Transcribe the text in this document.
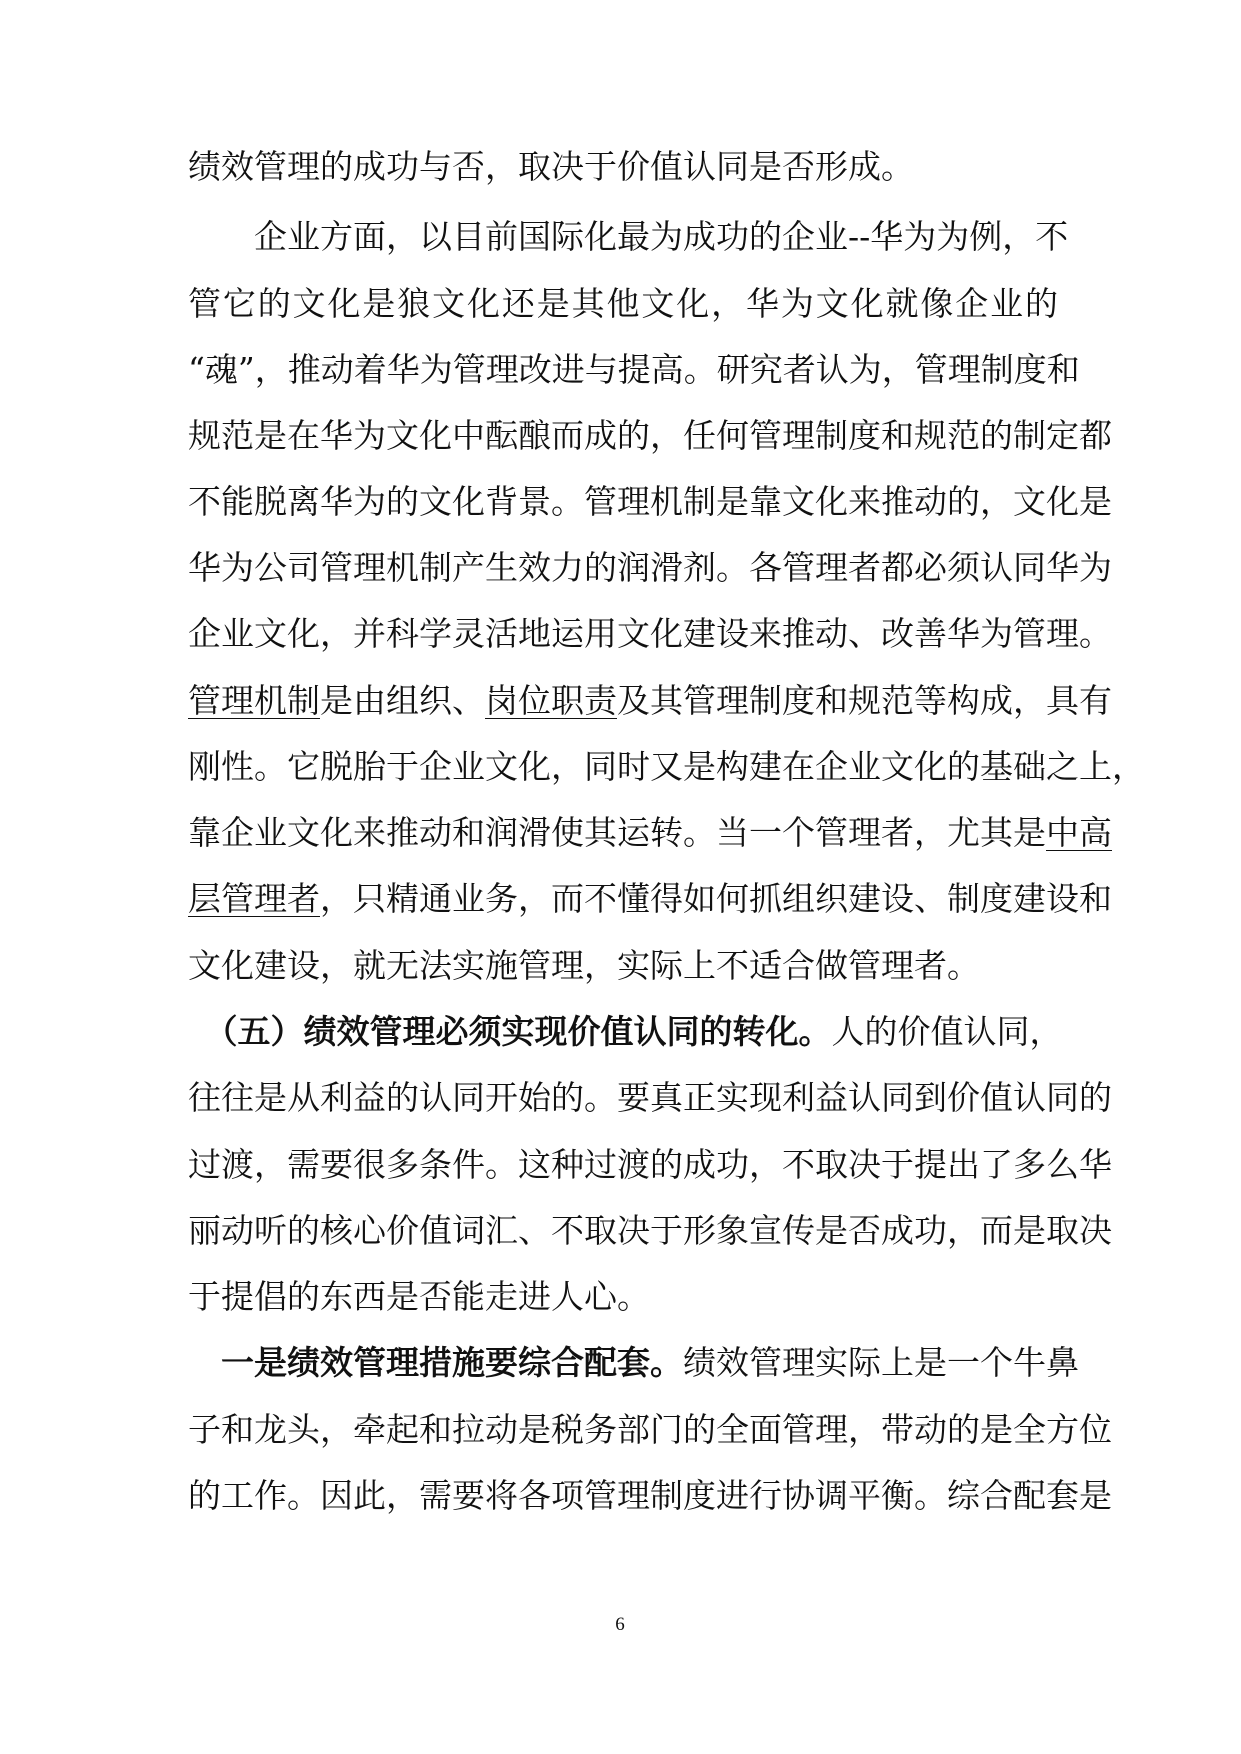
绩效管理的成功与否，取决于价值认同是否形成。
　　企业方面，以目前国际化最为成功的企业--华为为例，不
管它的文化是狼文化还是其他文化，华为文化就像企业的
“魂”，推动着华为管理改进与提高。研究者认为，管理制度和
规范是在华为文化中酝酿而成的，任何管理制度和规范的制定都
不能脱离华为的文化背景。管理机制是靠文化来推动的，文化是
华为公司管理机制产生效力的润滑剂。各管理者都必须认同华为
企业文化，并科学灵活地运用文化建设来推动、改善华为管理。
管理机制是由组织、岗位职责及其管理制度和规范等构成，具有
刚性。它脱胎于企业文化，同时又是构建在企业文化的基础之上，
靠企业文化来推动和润滑使其运转。当一个管理者，尤其是中高
层管理者，只精通业务，而不懂得如何抓组织建设、制度建设和
文化建设，就无法实施管理，实际上不适合做管理者。
　（五）绩效管理必须实现价值认同的转化。人的价值认同，
往往是从利益的认同开始的。要真正实现利益认同到价值认同的
过渡，需要很多条件。这种过渡的成功，不取决于提出了多么华
丽动听的核心价值词汇、不取决于形象宣传是否成功，而是取决
于提倡的东西是否能走进人心。
　一是绩效管理措施要综合配套。绩效管理实际上是一个牛鼻
子和龙头，牵起和拉动是税务部门的全面管理，带动的是全方位
的工作。因此，需要将各项管理制度进行协调平衡。综合配套是
6
